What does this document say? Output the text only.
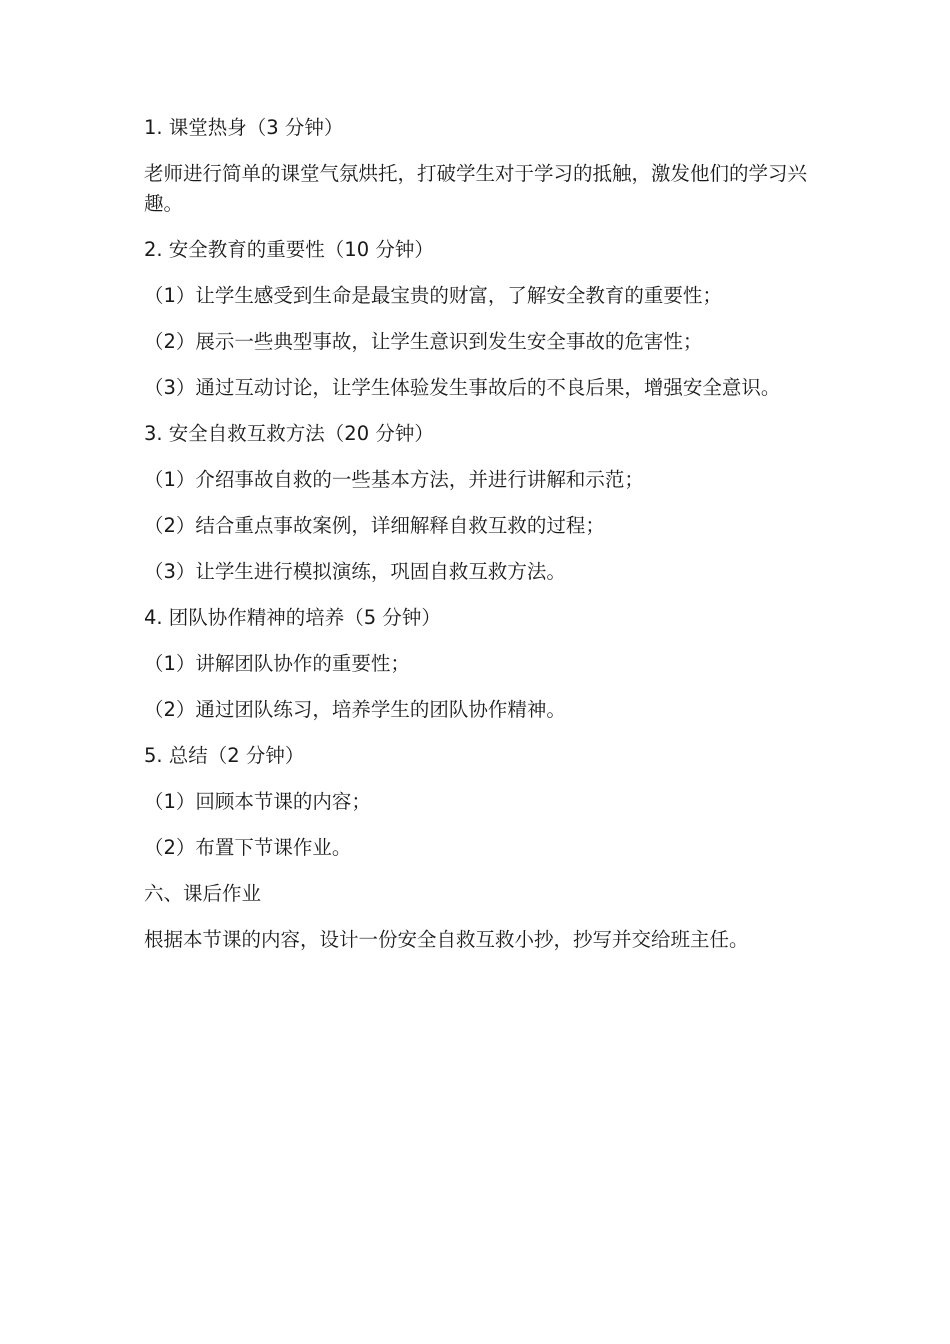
1. 课堂热身（3 分钟）

老师进行简单的课堂气氛烘托，打破学生对于学习的抵触，激发他们的学习兴趣。

2. 安全教育的重要性（10 分钟）

（1）让学生感受到生命是最宝贵的财富，了解安全教育的重要性；

（2）展示一些典型事故，让学生意识到发生安全事故的危害性；

（3）通过互动讨论，让学生体验发生事故后的不良后果，增强安全意识。

3. 安全自救互救方法（20 分钟）

（1）介绍事故自救的一些基本方法，并进行讲解和示范；

（2）结合重点事故案例，详细解释自救互救的过程；

（3）让学生进行模拟演练，巩固自救互救方法。

4. 团队协作精神的培养（5 分钟）

（1）讲解团队协作的重要性；

（2）通过团队练习，培养学生的团队协作精神。

5. 总结（2 分钟）

（1）回顾本节课的内容；

（2）布置下节课作业。

六、课后作业

根据本节课的内容，设计一份安全自救互救小抄，抄写并交给班主任。
